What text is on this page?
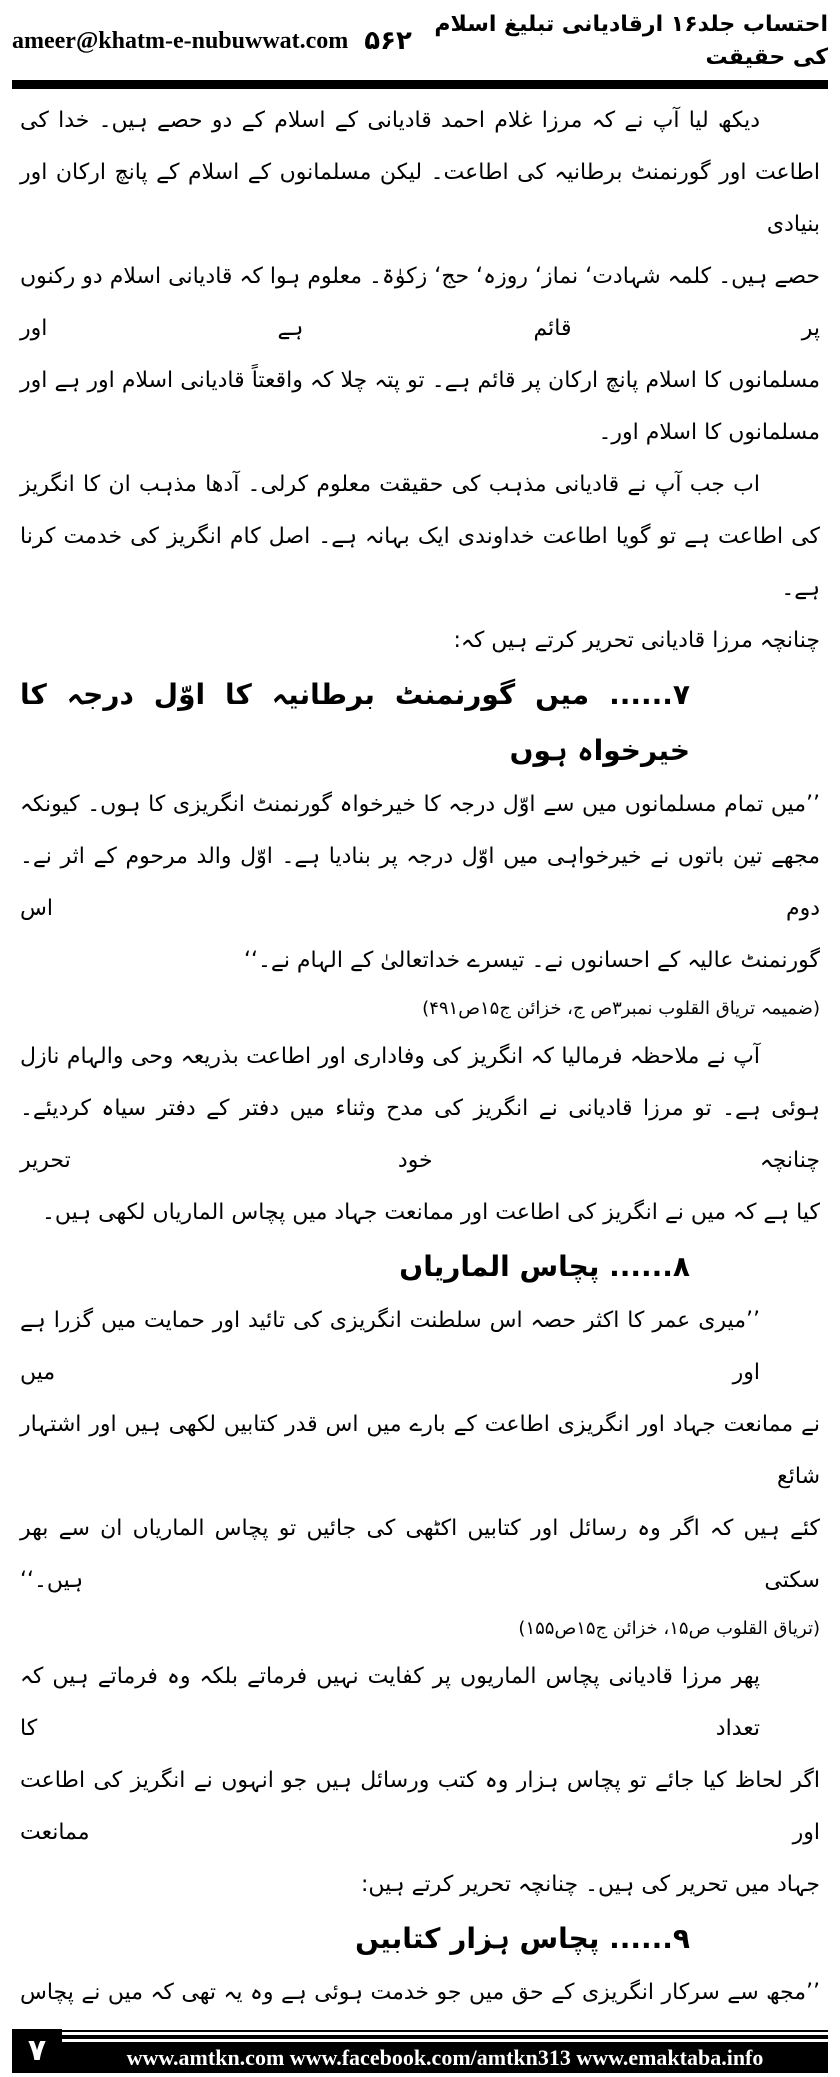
ameer@khatm-e-nubuwwat.com ۵۶۲
احتساب جلد۱۶ ارقادیانی تبلیغ اسلام کی حقیقت
دیکھ لیا آپ نے کہ مرزا غلام احمد قادیانی کے اسلام کے دو حصے ہیں۔ خدا کی
اطاعت اور گورنمنٹ برطانیہ کی اطاعت۔ لیکن مسلمانوں کے اسلام کے پانچ ارکان اور بنیادی
حصے ہیں۔ کلمہ شہادت‘ نماز‘ روزہ‘ حج‘ زکوٰۃ۔ معلوم ہوا کہ قادیانی اسلام دو رکنوں پر قائم ہے اور
مسلمانوں کا اسلام پانچ ارکان پر قائم ہے۔ تو پتہ چلا کہ واقعتاً قادیانی اسلام اور ہے اور
مسلمانوں کا اسلام اور۔
اب جب آپ نے قادیانی مذہب کی حقیقت معلوم کرلی۔ آدھا مذہب ان کا انگریز
کی اطاعت ہے تو گویا اطاعت خداوندی ایک بہانہ ہے۔ اصل کام انگریز کی خدمت کرنا ہے۔
چنانچہ مرزا قادیانی تحریر کرتے ہیں کہ:
۷...... میں گورنمنٹ برطانیہ کا اوّل درجہ کا خیرخواہ ہوں
’’میں تمام مسلمانوں میں سے اوّل درجہ کا خیرخواہ گورنمنٹ انگریزی کا ہوں۔ کیونکہ
مجھے تین باتوں نے خیرخواہی میں اوّل درجہ پر بنادیا ہے۔ اوّل والد مرحوم کے اثر نے۔ دوم اس
گورنمنٹ عالیہ کے احسانوں نے۔ تیسرے خداتعالیٰ کے الہام نے۔‘‘
(ضمیمہ تریاق القلوب نمبر۳ص ج، خزائن ج۱۵ص۴۹۱)
آپ نے ملاحظہ فرمالیا کہ انگریز کی وفاداری اور اطاعت بذریعہ وحی والہام نازل
ہوئی ہے۔ تو مرزا قادیانی نے انگریز کی مدح وثناء میں دفتر کے دفتر سیاہ کردیئے۔ چنانچہ خود تحریر
کیا ہے کہ میں نے انگریز کی اطاعت اور ممانعت جہاد میں پچاس الماریاں لکھی ہیں۔
۸...... پچاس الماریاں
’’میری عمر کا اکثر حصہ اس سلطنت انگریزی کی تائید اور حمایت میں گزرا ہے اور میں
نے ممانعت جہاد اور انگریزی اطاعت کے بارے میں اس قدر کتابیں لکھی ہیں اور اشتہار شائع
کئے ہیں کہ اگر وہ رسائل اور کتابیں اکٹھی کی جائیں تو پچاس الماریاں ان سے بھر سکتی ہیں۔‘‘
(تریاق القلوب ص۱۵، خزائن ج۱۵ص۱۵۵)
پھر مرزا قادیانی پچاس الماریوں پر کفایت نہیں فرماتے بلکہ وہ فرماتے ہیں کہ تعداد کا
اگر لحاظ کیا جائے تو پچاس ہزار وہ کتب ورسائل ہیں جو انہوں نے انگریز کی اطاعت اور ممانعت
جہاد میں تحریر کی ہیں۔ چنانچہ تحریر کرتے ہیں:
۹...... پچاس ہزار کتابیں
’’مجھ سے سرکار انگریزی کے حق میں جو خدمت ہوئی ہے وہ یہ تھی کہ میں نے پچاس
۷	www.amtkn.com www.facebook.com/amtkn313 www.emaktaba.info
